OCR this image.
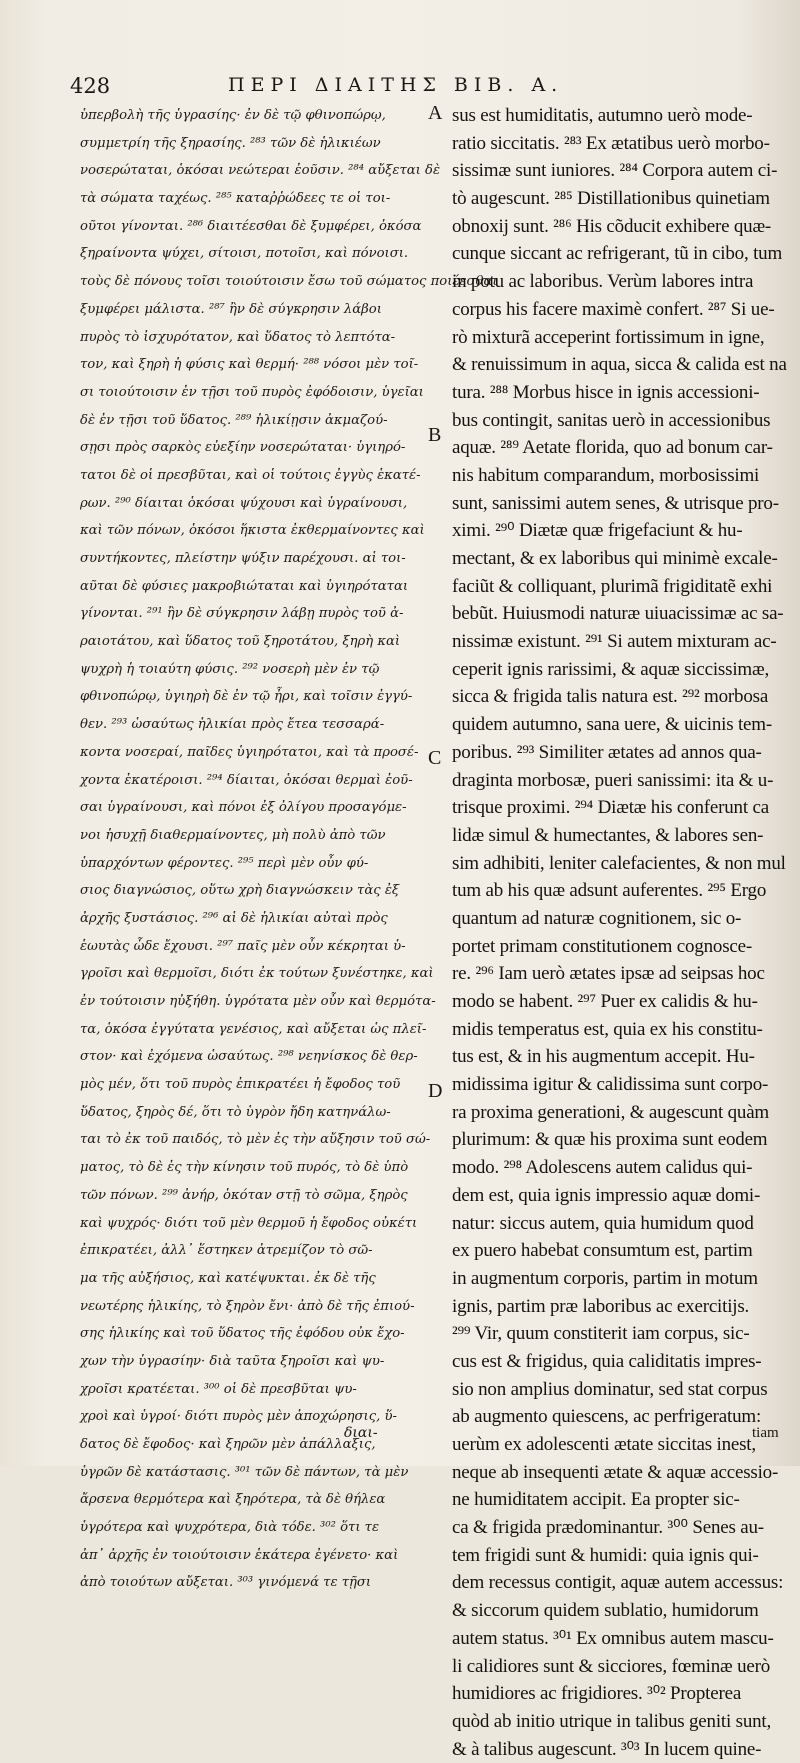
428	ΠΕΡΙ ΔΙΑΙΤΗΣ ΒΙΒ. Α.
A
B
C
D
ὑπερβολὴ τῆς ὑγρασίης· ἐν δὲ τῷ φθινοπώρῳ,
συμμετρίη τῆς ξηρασίης. ²⁸³ τῶν δὲ ἡλικιέων
νοσερώταται, ὁκόσαι νεώτεραι ἐοῦσιν. ²⁸⁴ αὔξεται δὲ
τὰ σώματα ταχέως. ²⁸⁵ καταῤῥώδεες τε οἱ τοι-
οῦτοι γίνονται. ²⁸⁶ διαιτέεσθαι δὲ ξυμφέρει, ὁκόσα
ξηραίνοντα ψύχει, σίτοισι, ποτοῖσι, καὶ πόνοισι.
τοὺς δὲ πόνους τοῖσι τοιούτοισιν ἔσω τοῦ σώματος ποιέεσθαι
ξυμφέρει μάλιστα. ²⁸⁷ ἢν δὲ σύγκρησιν λάβοι
πυρὸς τὸ ἰσχυρότατον, καὶ ὕδατος τὸ λεπτότα-
τον, καὶ ξηρὴ ἡ φύσις καὶ θερμή· ²⁸⁸ νόσοι μὲν τοῖ-
σι τοιούτοισιν ἐν τῇσι τοῦ πυρὸς ἐφόδοισιν, ὑγεῖαι
δὲ ἐν τῇσι τοῦ ὕδατος. ²⁸⁹ ἡλικίῃσιν ἀκμαζού-
σῃσι πρὸς σαρκὸς εὐεξίην νοσερώταται· ὑγιηρό-
τατοι δὲ οἱ πρεσβῦται, καὶ οἱ τούτοις ἐγγὺς ἑκατέ-
ρων. ²⁹⁰ δίαιται ὁκόσαι ψύχουσι καὶ ὑγραίνουσι,
καὶ τῶν πόνων, ὁκόσοι ἥκιστα ἐκθερμαίνοντες καὶ
συντήκοντες, πλείστην ψύξιν παρέχουσι. αἱ τοι-
αῦται δὲ φύσιες μακροβιώταται καὶ ὑγιηρόταται
γίνονται. ²⁹¹ ἢν δὲ σύγκρησιν λάβῃ πυρὸς τοῦ ἀ-
ραιοτάτου, καὶ ὕδατος τοῦ ξηροτάτου, ξηρὴ καὶ
ψυχρὴ ἡ τοιαύτη φύσις. ²⁹² νοσερὴ μὲν ἐν τῷ
φθινοπώρῳ, ὑγιηρὴ δὲ ἐν τῷ ἦρι, καὶ τοῖσιν ἐγγύ-
θεν. ²⁹³ ὡσαύτως ἡλικίαι πρὸς ἔτεα τεσσαρά-
κοντα νοσεραί, παῖδες ὑγιηρότατοι, καὶ τὰ προσέ-
χοντα ἑκατέροισι. ²⁹⁴ δίαιται, ὁκόσαι θερμαὶ ἐοῦ-
σαι ὑγραίνουσι, καὶ πόνοι ἐξ ὀλίγου προσαγόμε-
νοι ἡσυχῇ διαθερμαίνοντες, μὴ πολὺ ἀπὸ τῶν
ὑπαρχόντων φέροντες. ²⁹⁵ περὶ μὲν οὖν φύ-
σιος διαγνώσιος, οὕτω χρὴ διαγνώσκειν τὰς ἐξ
ἀρχῆς ξυστάσιος. ²⁹⁶ αἱ δὲ ἡλικίαι αὐταὶ πρὸς
ἑωυτὰς ὧδε ἔχουσι. ²⁹⁷ παῖς μὲν οὖν κέκρηται ὑ-
γροῖσι καὶ θερμοῖσι, διότι ἐκ τούτων ξυνέστηκε, καὶ
ἐν τούτοισιν ηὐξήθη. ὑγρότατα μὲν οὖν καὶ θερμότα-
τα, ὁκόσα ἐγγύτατα γενέσιος, καὶ αὔξεται ὡς πλεῖ-
στον· καὶ ἐχόμενα ὡσαύτως. ²⁹⁸ νεηνίσκος δὲ θερ-
μὸς μέν, ὅτι τοῦ πυρὸς ἐπικρατέει ἡ ἔφοδος τοῦ
ὕδατος, ξηρὸς δέ, ὅτι τὸ ὑγρὸν ἤδη κατηνάλω-
ται τὸ ἐκ τοῦ παιδός, τὸ μὲν ἐς τὴν αὔξησιν τοῦ σώ-
ματος, τὸ δὲ ἐς τὴν κίνησιν τοῦ πυρός, τὸ δὲ ὑπὸ
τῶν πόνων. ²⁹⁹ ἀνήρ, ὁκόταν στῇ τὸ σῶμα, ξηρὸς
καὶ ψυχρός· διότι τοῦ μὲν θερμοῦ ἡ ἔφοδος οὐκέτι
ἐπικρατέει, ἀλλ᾽ ἕστηκεν ἀτρεμίζον τὸ σῶ-
μα τῆς αὐξήσιος, καὶ κατέψυκται. ἐκ δὲ τῆς
νεωτέρης ἡλικίης, τὸ ξηρὸν ἔνι· ἀπὸ δὲ τῆς ἐπιού-
σης ἡλικίης καὶ τοῦ ὕδατος τῆς ἐφόδου οὐκ ἔχο-
χων τὴν ὑγρασίην· διὰ ταῦτα ξηροῖσι καὶ ψυ-
χροῖσι κρατέεται. ³⁰⁰ οἱ δὲ πρεσβῦται ψυ-
χροὶ καὶ ὑγροί· διότι πυρὸς μὲν ἀποχώρησις, ὕ-
δατος δὲ ἔφοδος· καὶ ξηρῶν μὲν ἀπάλλαξις,
ὑγρῶν δὲ κατάστασις. ³⁰¹ τῶν δὲ πάντων, τὰ μὲν
ἄρσενα θερμότερα καὶ ξηρότερα, τὰ δὲ θήλεα
ὑγρότερα καὶ ψυχρότερα, διὰ τόδε. ³⁰² ὅτι τε
ἀπ᾽ ἀρχῆς ἐν τοιούτοισιν ἑκάτερα ἐγένετο· καὶ
ἀπὸ τοιούτων αὔξεται. ³⁰³ γινόμενά τε τῇσι
sus est humiditatis, autumno uerò mode-
ratio siccitatis. ²⁸³ Ex ætatibus uerò morbo-
sissimæ sunt iuniores. ²⁸⁴ Corpora autem ci-
tò augescunt. ²⁸⁵ Distillationibus quinetiam
obnoxij sunt. ²⁸⁶ His cõducit exhibere quæ-
cunque siccant ac refrigerant, tũ in cibo, tum
in potu ac laboribus. Verùm labores intra
corpus his facere maximè confert. ²⁸⁷ Si ue-
rò mixturã acceperint fortissimum in igne,
& renuissimum in aqua, sicca & calida est na
tura. ²⁸⁸ Morbus hisce in ignis accessioni-
bus contingit, sanitas uerò in accessionibus
aquæ. ²⁸⁹ Aetate florida, quo ad bonum car-
nis habitum comparandum, morbosissimi
sunt, sanissimi autem senes, & utrisque pro-
ximi. ²⁹⁰ Diætæ quæ frigefaciunt & hu-
mectant, & ex laboribus qui minimè excale-
faciũt & colliquant, plurimã frigiditatẽ exhi
bebũt. Huiusmodi naturæ uiuacissimæ ac sa-
nissimæ existunt. ²⁹¹ Si autem mixturam ac-
ceperit ignis rarissimi, & aquæ siccissimæ,
sicca & frigida talis natura est. ²⁹² morbosa
quidem autumno, sana uere, & uicinis tem-
poribus. ²⁹³ Similiter ætates ad annos qua-
draginta morbosæ, pueri sanissimi: ita & u-
trisque proximi. ²⁹⁴ Diætæ his conferunt ca
lidæ simul & humectantes, & labores sen-
sim adhibiti, leniter calefacientes, & non mul
tum ab his quæ adsunt auferentes. ²⁹⁵ Ergo
quantum ad naturæ cognitionem, sic o-
portet primam constitutionem cognosce-
re. ²⁹⁶ Iam uerò ætates ipsæ ad seipsas hoc
modo se habent. ²⁹⁷ Puer ex calidis & hu-
midis temperatus est, quia ex his constitu-
tus est, & in his augmentum accepit. Hu-
midissima igitur & calidissima sunt corpo-
ra proxima generationi, & augescunt quàm
plurimum: & quæ his proxima sunt eodem
modo. ²⁹⁸ Adolescens autem calidus qui-
dem est, quia ignis impressio aquæ domi-
natur: siccus autem, quia humidum quod
ex puero habebat consumtum est, partim
in augmentum corporis, partim in motum
ignis, partim præ laboribus ac exercitijs.
²⁹⁹ Vir, quum constiterit iam corpus, sic-
cus est & frigidus, quia caliditatis impres-
sio non amplius dominatur, sed stat corpus
ab augmento quiescens, ac perfrigeratum:
uerùm ex adolescenti ætate siccitas inest,
neque ab insequenti ætate & aquæ accessio-
ne humiditatem accipit. Ea propter sic-
ca & frigida prædominantur. ³⁰⁰ Senes au-
tem frigidi sunt & humidi: quia ignis qui-
dem recessus contigit, aquæ autem accessus:
& siccorum quidem sublatio, humidorum
autem status. ³⁰¹ Ex omnibus autem mascu-
li calidiores sunt & sicciores, fœminæ uerò
humidiores ac frigidiores. ³⁰² Propterea
quòd ab initio utrique in talibus geniti sunt,
& à talibus augescunt. ³⁰³ In lucem quine-
διαι-	tiam
